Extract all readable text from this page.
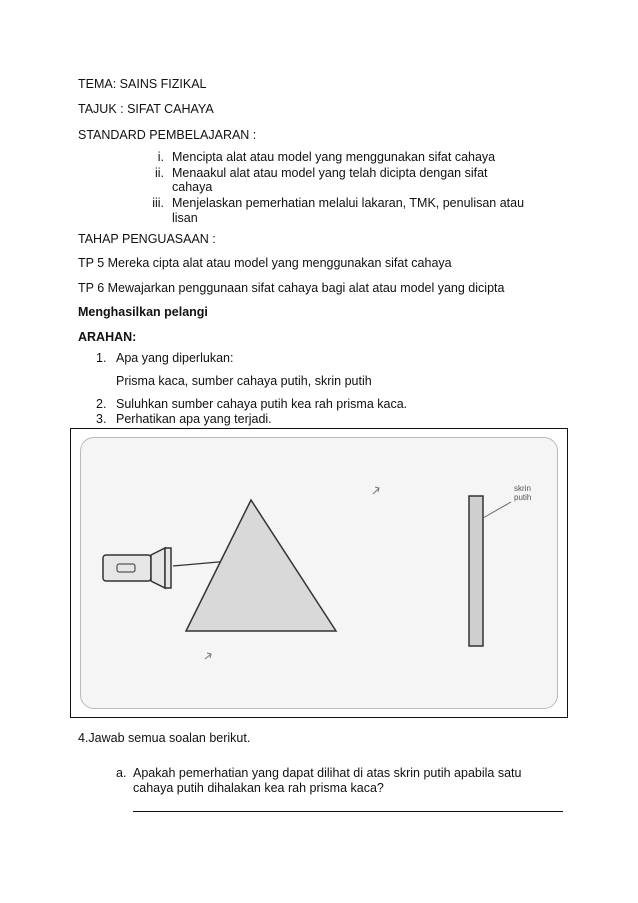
TEMA: SAINS FIZIKAL

TAJUK : SIFAT CAHAYA

STANDARD PEMBELAJARAN :

i. Mencipta alat atau model yang menggunakan sifat cahaya

ii. Menaakul alat atau model yang telah dicipta dengan sifat

cahaya

iii. Menjelaskan pemerhatian melalui lakaran, TMK, penulisan atau

lisan

TAHAP PENGUASAAN :

TP 5 Mereka cipta alat atau model yang menggunakan sifat cahaya

TP 6 Mewajarkan penggunaan sifat cahaya bagi alat atau model yang dicipta

Menghasilkan pelangi

ARAHAN:

1. Apa yang diperlukan:

Prisma kaca, sumber cahaya putih, skrin putih

2. Suluhkan sumber cahaya putih kea rah prisma kaca.

3. Perhatikan apa yang terjadi.

skrin
putih

4.Jawab semua soalan berikut.

a. Apakah pemerhatian yang dapat dilihat di atas skrin putih apabila satu

cahaya putih dihalakan kea rah prisma kaca?
